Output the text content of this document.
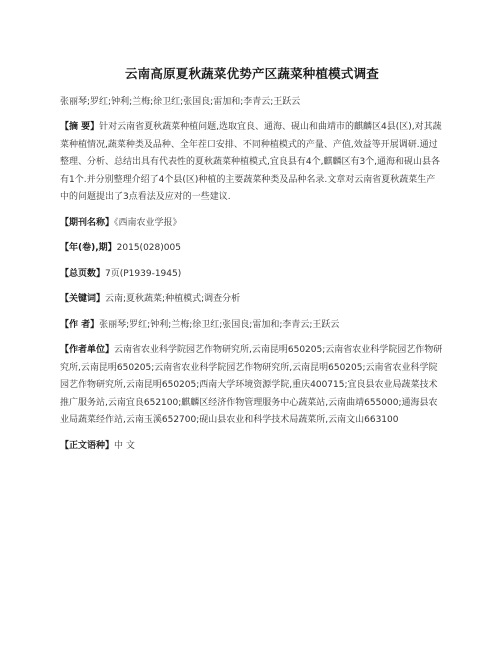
云南高原夏秋蔬菜优势产区蔬菜种植模式调查
张丽琴;罗红;钟利;兰梅;徐卫红;张国良;雷加和;李青云;王跃云
【摘 要】针对云南省夏秋蔬菜种植问题,选取宜良、通海、砚山和曲靖市的麒麟区4县(区),对其蔬菜种植情况,蔬菜种类及品种、全年茬口安排、不同种植模式的产量、产值,效益等开展调研.通过整理、分析、总结出具有代表性的夏秋蔬菜种植模式,宜良县有4个,麒麟区有3个,通海和砚山县各有1个.并分别整理介绍了4个县(区)种植的主要蔬菜种类及品种名录.文章对云南省夏秋蔬菜生产中的问题提出了3点看法及应对的一些建议.
【期刊名称】《西南农业学报》
【年(卷),期】2015(028)005
【总页数】7页(P1939-1945)
【关键词】云南;夏秋蔬菜;种植模式;调查分析
【作 者】张丽琴;罗红;钟利;兰梅;徐卫红;张国良;雷加和;李青云;王跃云
【作者单位】云南省农业科学院园艺作物研究所,云南昆明650205;云南省农业科学院园艺作物研究所,云南昆明650205;云南省农业科学院园艺作物研究所,云南昆明650205;云南省农业科学院园艺作物研究所,云南昆明650205;西南大学环境资源学院,重庆400715;宜良县农业局蔬菜技术推广服务站,云南宜良652100;麒麟区经济作物管理服务中心蔬菜站,云南曲靖655000;通海县农业局蔬菜经作站,云南玉溪652700;砚山县农业和科学技术局蔬菜所,云南文山663100
【正文语种】中 文
